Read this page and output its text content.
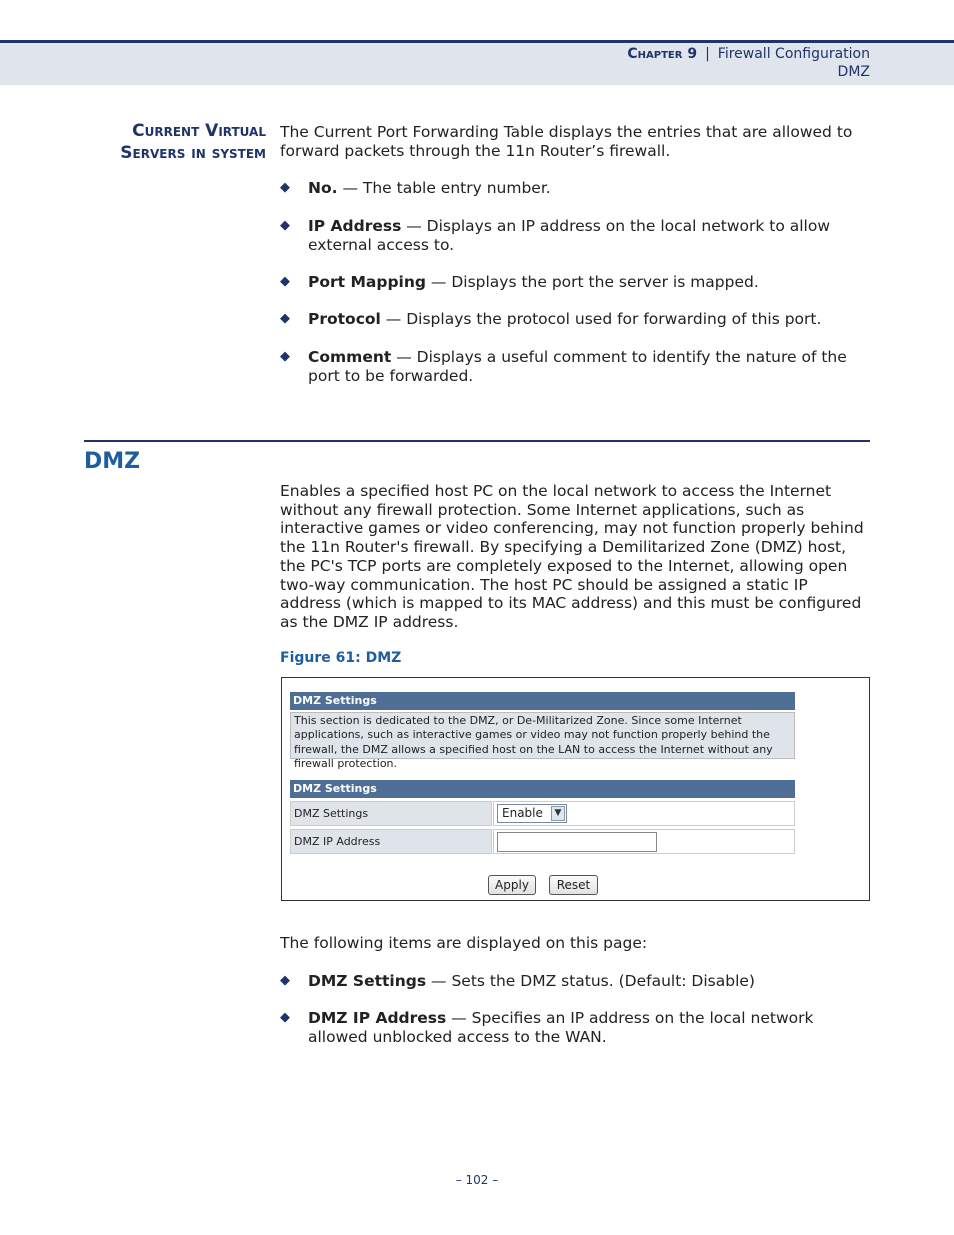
Chapter 9 | Firewall Configuration
DMZ
Current Virtual
Servers in system

The Current Port Forwarding Table displays the entries that are allowed to forward packets through the 11n Router’s firewall.

◆ No. — The table entry number.
◆ IP Address — Displays an IP address on the local network to allow external access to.
◆ Port Mapping — Displays the port the server is mapped.
◆ Protocol — Displays the protocol used for forwarding of this port.
◆ Comment — Displays a useful comment to identify the nature of the port to be forwarded.
DMZ

Enables a specified host PC on the local network to access the Internet without any firewall protection. Some Internet applications, such as interactive games or video conferencing, may not function properly behind the 11n Router's firewall. By specifying a Demilitarized Zone (DMZ) host, the PC's TCP ports are completely exposed to the Internet, allowing open two-way communication. The host PC should be assigned a static IP address (which is mapped to its MAC address) and this must be configured as the DMZ IP address.

Figure 61: DMZ
DMZ Settings
This section is dedicated to the DMZ, or De-Militarized Zone. Since some Internet applications, such as interactive games or video may not function properly behind the firewall, the DMZ allows a specified host on the LAN to access the Internet without any firewall protection.
DMZ Settings
DMZ Settings	Enable	▼
DMZ IP Address
Apply	Reset

The following items are displayed on this page:

◆ DMZ Settings — Sets the DMZ status. (Default: Disable)
◆ DMZ IP Address — Specifies an IP address on the local network allowed unblocked access to the WAN.
– 102 –
